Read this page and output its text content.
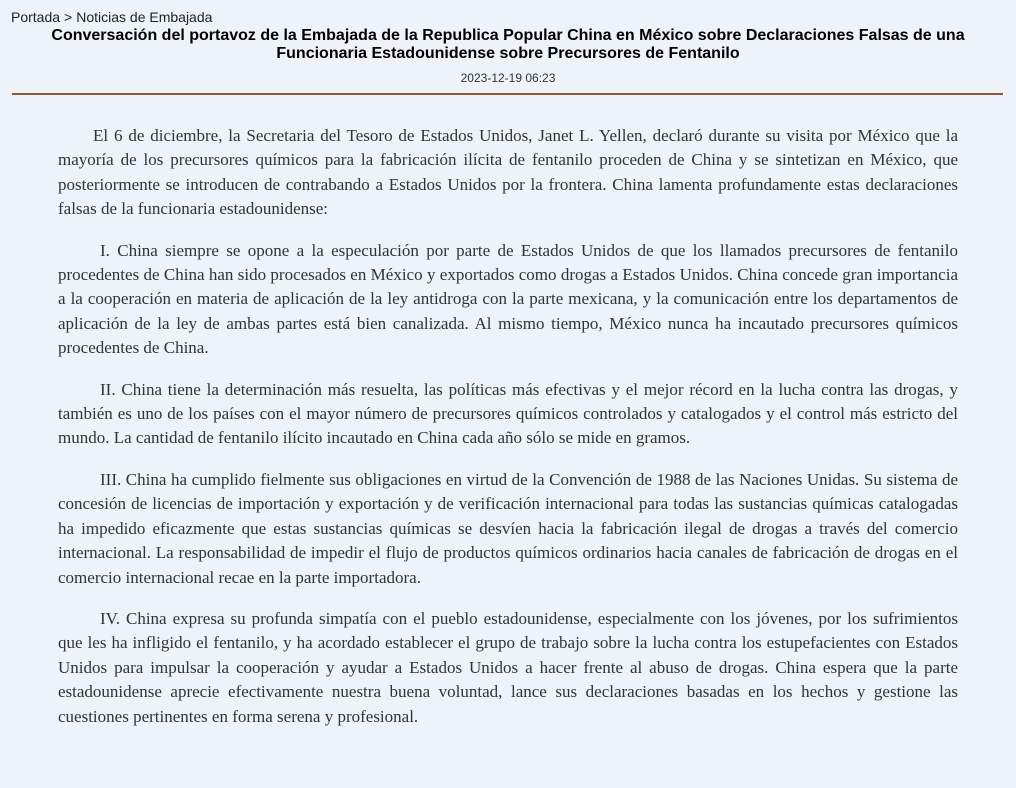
Portada > Noticias de Embajada
Conversación del portavoz de la Embajada de la Republica Popular China en México sobre Declaraciones Falsas de una Funcionaria Estadounidense sobre Precursores de Fentanilo
2023-12-19 06:23

El 6 de diciembre, la Secretaria del Tesoro de Estados Unidos, Janet L. Yellen, declaró durante su visita por México que la mayoría de los precursores químicos para la fabricación ilícita de fentanilo proceden de China y se sintetizan en México, que posteriormente se introducen de contrabando a Estados Unidos por la frontera. China lamenta profundamente estas declaraciones falsas de la funcionaria estadounidense:

I. China siempre se opone a la especulación por parte de Estados Unidos de que los llamados precursores de fentanilo procedentes de China han sido procesados en México y exportados como drogas a Estados Unidos. China concede gran importancia a la cooperación en materia de aplicación de la ley antidroga con la parte mexicana, y la comunicación entre los departamentos de aplicación de la ley de ambas partes está bien canalizada. Al mismo tiempo, México nunca ha incautado precursores químicos procedentes de China.

II. China tiene la determinación más resuelta, las políticas más efectivas y el mejor récord en la lucha contra las drogas, y también es uno de los países con el mayor número de precursores químicos controlados y catalogados y el control más estricto del mundo. La cantidad de fentanilo ilícito incautado en China cada año sólo se mide en gramos.

III. China ha cumplido fielmente sus obligaciones en virtud de la Convención de 1988 de las Naciones Unidas. Su sistema de concesión de licencias de importación y exportación y de verificación internacional para todas las sustancias químicas catalogadas ha impedido eficazmente que estas sustancias químicas se desvíen hacia la fabricación ilegal de drogas a través del comercio internacional. La responsabilidad de impedir el flujo de productos químicos ordinarios hacia canales de fabricación de drogas en el comercio internacional recae en la parte importadora.

IV. China expresa su profunda simpatía con el pueblo estadounidense, especialmente con los jóvenes, por los sufrimientos que les ha infligido el fentanilo, y ha acordado establecer el grupo de trabajo sobre la lucha contra los estupefacientes con Estados Unidos para impulsar la cooperación y ayudar a Estados Unidos a hacer frente al abuso de drogas. China espera que la parte estadounidense aprecie efectivamente nuestra buena voluntad, lance sus declaraciones basadas en los hechos y gestione las cuestiones pertinentes en forma serena y profesional.
